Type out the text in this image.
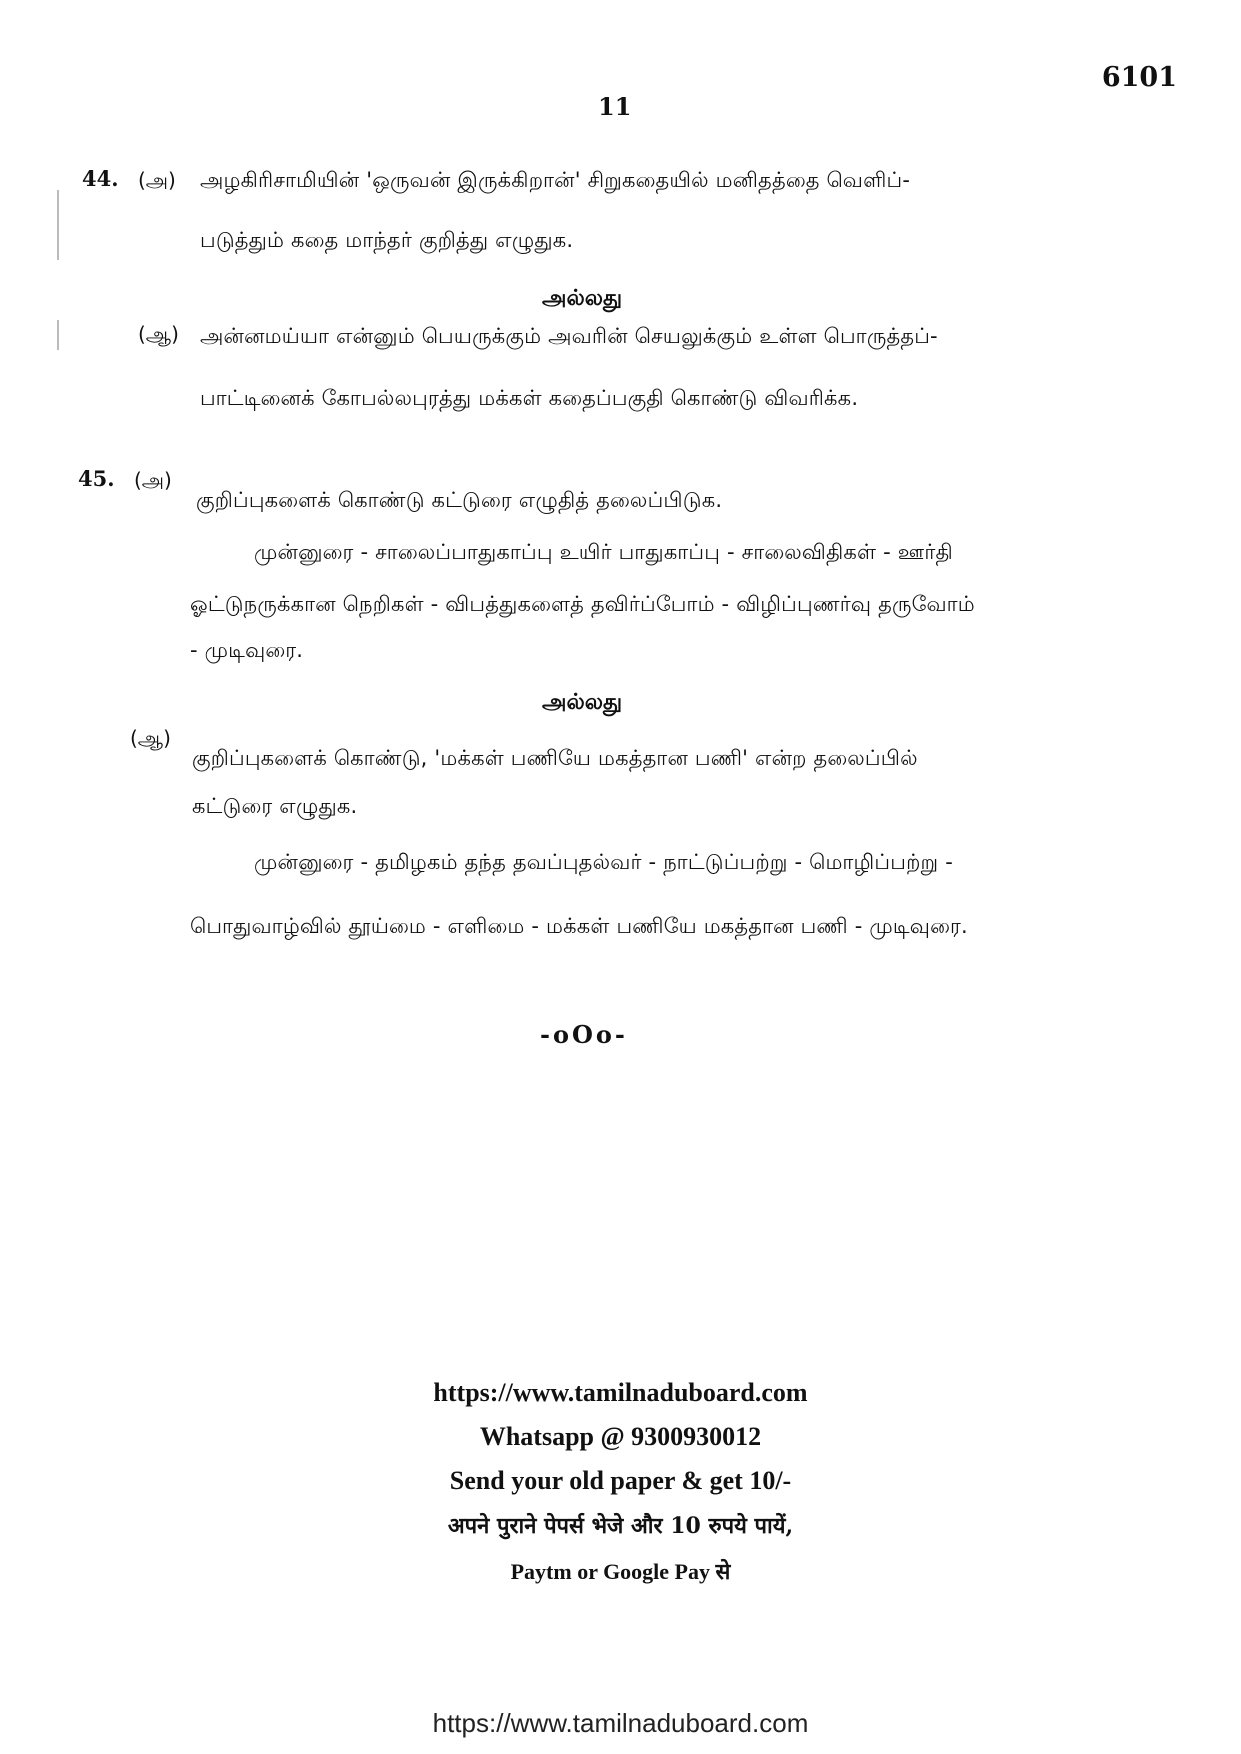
6101
11
44. (அ) அழகிரிசாமியின் 'ஒருவன் இருக்கிறான்' சிறுகதையில் மனிதத்தை வெளிப்-
படுத்தும் கதை மாந்தர் குறித்து எழுதுக.
அல்லது
(ஆ) அன்னமய்யா என்னும் பெயருக்கும் அவரின் செயலுக்கும் உள்ள பொருத்தப்-
பாட்டினைக் கோபல்லபுரத்து மக்கள் கதைப்பகுதி கொண்டு விவரிக்க.
45. (அ)
குறிப்புகளைக் கொண்டு கட்டுரை எழுதித் தலைப்பிடுக.
முன்னுரை - சாலைப்பாதுகாப்பு உயிர் பாதுகாப்பு - சாலைவிதிகள் - ஊர்தி
ஓட்டுநருக்கான நெறிகள் - விபத்துகளைத் தவிர்ப்போம் - விழிப்புணர்வு தருவோம்
- முடிவுரை.
அல்லது
(ஆ)
குறிப்புகளைக் கொண்டு, 'மக்கள் பணியே மகத்தான பணி' என்ற தலைப்பில்
கட்டுரை எழுதுக.
முன்னுரை - தமிழகம் தந்த தவப்புதல்வர் - நாட்டுப்பற்று - மொழிப்பற்று -
பொதுவாழ்வில் தூய்மை - எளிமை - மக்கள் பணியே மகத்தான பணி - முடிவுரை.
-oOo-
https://www.tamilnaduboard.com
Whatsapp @ 9300930012
Send your old paper & get 10/-
अपने पुराने पेपर्स भेजे और 10 रुपये पायें,
Paytm or Google Pay से
https://www.tamilnaduboard.com
